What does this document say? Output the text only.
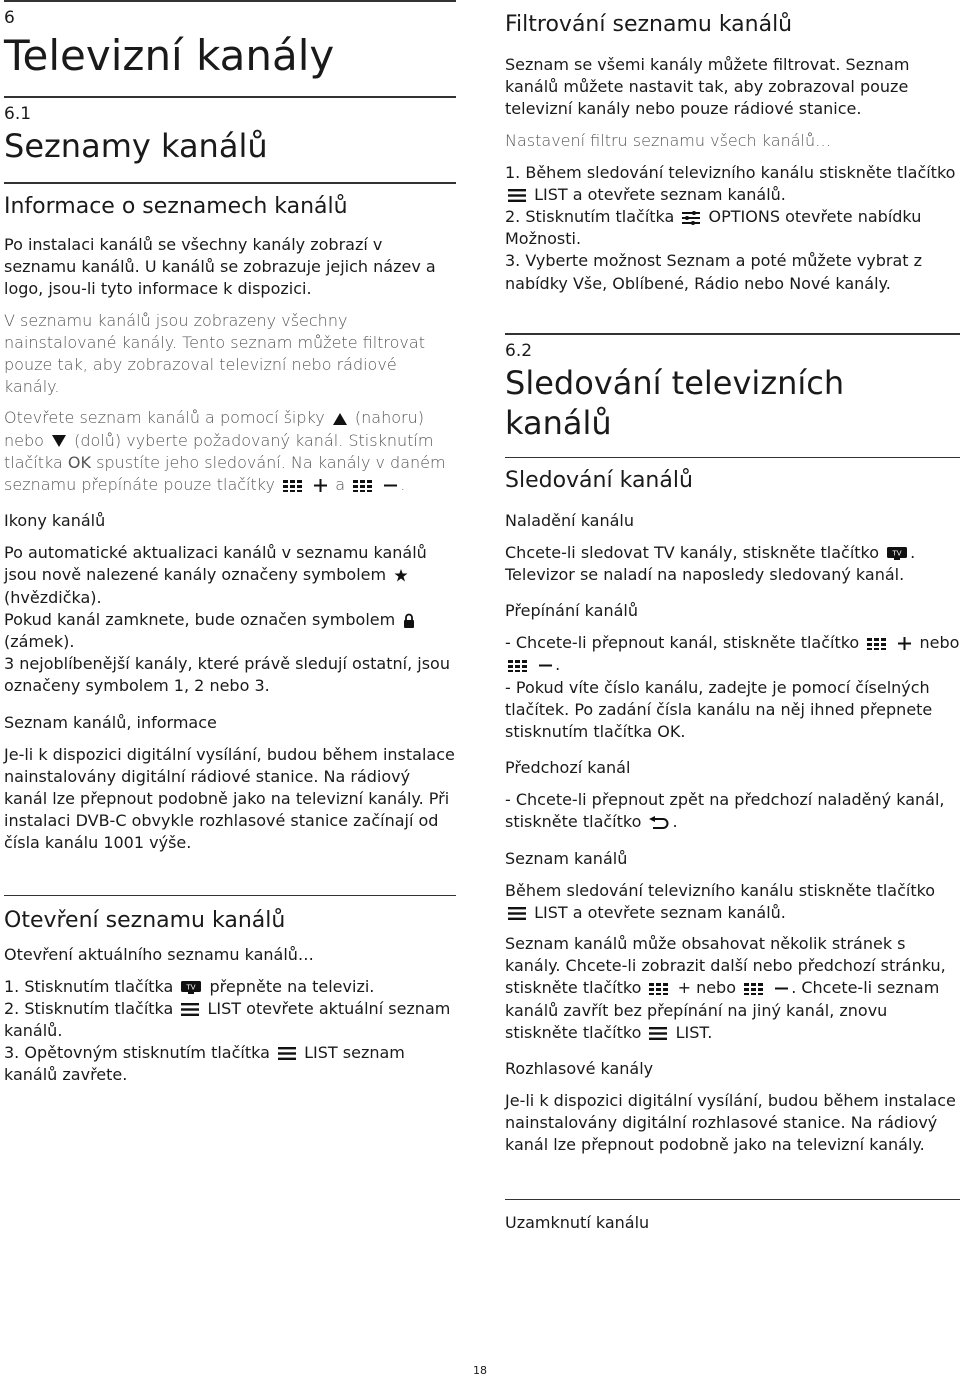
6
Televizní kanály
6.1
Seznamy kanálů
Informace o seznamech kanálů

Po instalaci kanálů se všechny kanály zobrazí v seznamu kanálů. U kanálů se zobrazuje jejich název a logo, jsou-li tyto informace k dispozici.

V seznamu kanálů jsou zobrazeny všechny nainstalované kanály. Tento seznam můžete filtrovat pouze tak, aby zobrazoval televizní nebo rádiové kanály.

Otevřete seznam kanálů a pomocí šipky (nahoru) nebo (dolů) vyberte požadovaný kanál. Stisknutím tlačítka OK spustíte jeho sledování. Na kanály v daném seznamu přepínáte pouze tlačítky	a	.

Ikony kanálů

Po automatické aktualizaci kanálů v seznamu kanálů jsou nově nalezené kanály označeny symbolem  (hvězdička).
Pokud kanál zamknete, bude označen symbolem  (zámek).
3 nejoblíbenější kanály, které právě sledují ostatní, jsou označeny symbolem 1, 2 nebo 3.

Seznam kanálů, informace

Je-li k dispozici digitální vysílání, budou během instalace nainstalovány digitální rádiové stanice. Na rádiový kanál lze přepnout podobně jako na televizní kanály. Při instalaci DVB-C obvykle rozhlasové stanice začínají od čísla kanálu 1001 výše.

Otevření seznamu kanálů
Otevření aktuálního seznamu kanálů…

1. Stisknutím tlačítka TV přepněte na televizi.
2. Stisknutím tlačítka LIST otevřete aktuální seznam kanálů.
3. Opětovným stisknutím tlačítka LIST seznam kanálů zavřete.

Filtrování seznamu kanálů

Seznam se všemi kanály můžete filtrovat. Seznam kanálů můžete nastavit tak, aby zobrazoval pouze televizní kanály nebo pouze rádiové stanice.

Nastavení filtru seznamu všech kanálů…

1. Během sledování televizního kanálu stiskněte tlačítko  LIST a otevřete seznam kanálů.
2. Stisknutím tlačítka OPTIONS otevřete nabídku Možnosti.
3. Vyberte možnost Seznam a poté můžete vybrat z nabídky Vše, Oblíbené, Rádio nebo Nové kanály.

6.2
Sledování televizních kanálů
Sledování kanálů
Naladění kanálu

Chcete-li sledovat TV kanály, stiskněte tlačítko TV . Televizor se naladí na naposledy sledovaný kanál.

Přepínání kanálů

- Chcete-li přepnout kanál, stiskněte tlačítko	nebo  .
- Pokud víte číslo kanálu, zadejte je pomocí číselných tlačítek. Po zadání čísla kanálu na něj ihned přepnete stisknutím tlačítka OK.

Předchozí kanál

- Chcete-li přepnout zpět na předchozí naladěný kanál, stiskněte tlačítko .

Seznam kanálů

Během sledování televizního kanálu stiskněte tlačítko  LIST a otevřete seznam kanálů.

Seznam kanálů může obsahovat několik stránek s kanály. Chcete-li zobrazit další nebo předchozí stránku, stiskněte tlačítko + nebo	. Chcete-li seznam kanálů zavřít bez přepínání na jiný kanál, znovu stiskněte tlačítko LIST.

Rozhlasové kanály

Je-li k dispozici digitální vysílání, budou během instalace nainstalovány digitální rozhlasové stanice. Na rádiový kanál lze přepnout podobně jako na televizní kanály.

Uzamknutí kanálu
18
